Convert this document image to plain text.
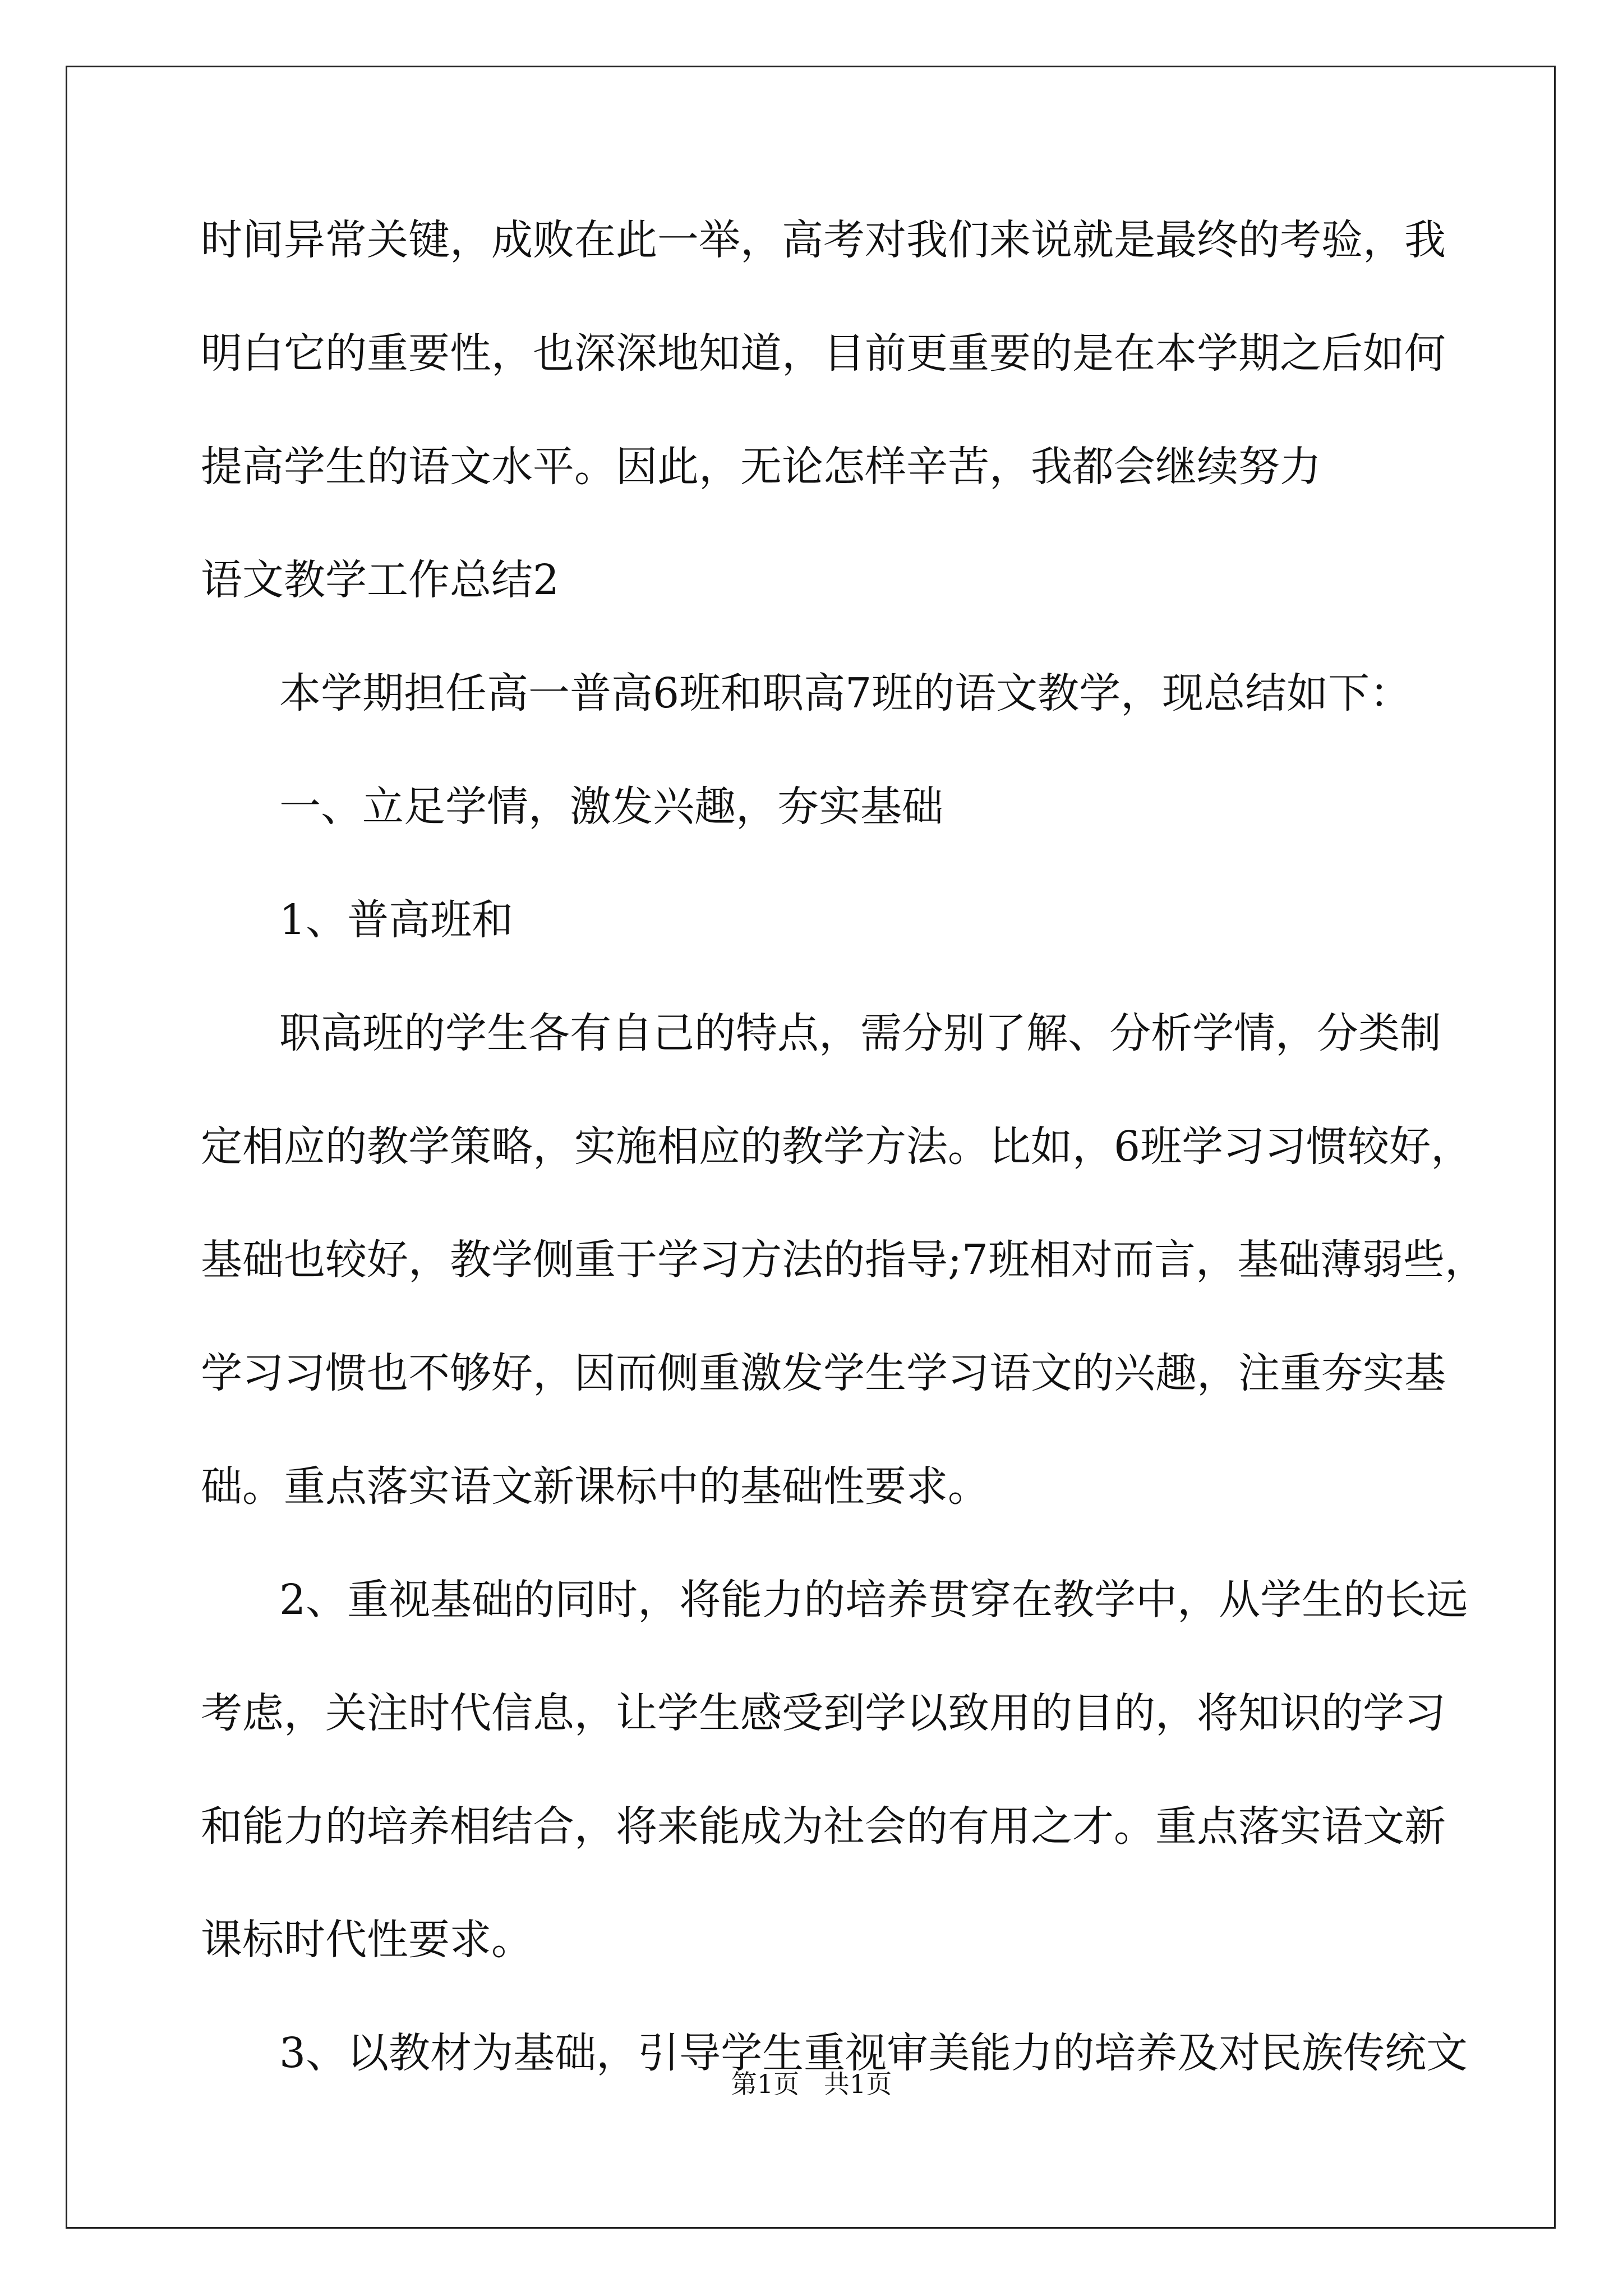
时间异常关键，成败在此一举，高考对我们来说就是最终的考验，我
明白它的重要性，也深深地知道，目前更重要的是在本学期之后如何
提高学生的语文水平。因此，无论怎样辛苦，我都会继续努力
语文教学工作总结2
本学期担任高一普高6班和职高7班的语文教学，现总结如下：
一、立足学情，激发兴趣，夯实基础
1、普高班和
职高班的学生各有自己的特点，需分别了解、分析学情，分类制
定相应的教学策略，实施相应的教学方法。比如，6班学习习惯较好，
基础也较好，教学侧重于学习方法的指导;7班相对而言，基础薄弱些，
学习习惯也不够好，因而侧重激发学生学习语文的兴趣，注重夯实基
础。重点落实语文新课标中的基础性要求。
2、重视基础的同时，将能力的培养贯穿在教学中，从学生的长远
考虑，关注时代信息，让学生感受到学以致用的目的，将知识的学习
和能力的培养相结合，将来能成为社会的有用之才。重点落实语文新
课标时代性要求。
3、以教材为基础，引导学生重视审美能力的培养及对民族传统文
第1页   共1页
